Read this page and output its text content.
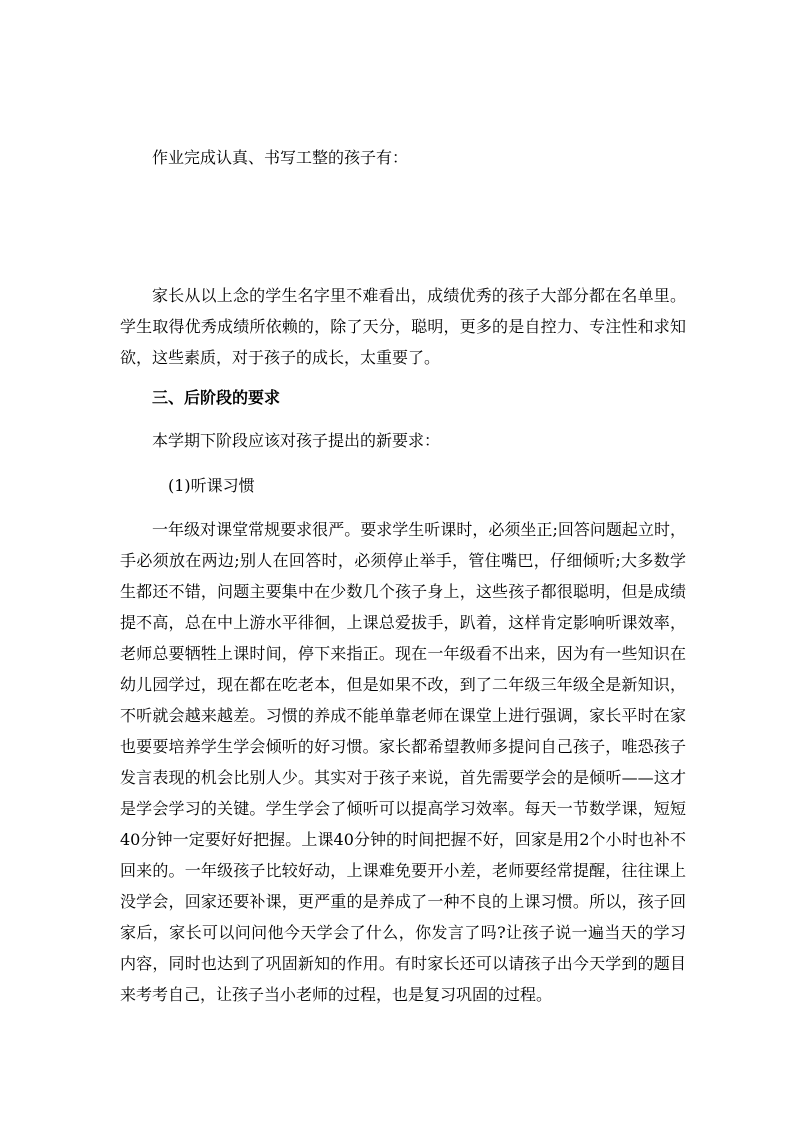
作业完成认真、书写工整的孩子有：

家长从以上念的学生名字里不难看出，成绩优秀的孩子大部分都在名单里。学生取得优秀成绩所依赖的，除了天分，聪明，更多的是自控力、专注性和求知欲，这些素质，对于孩子的成长，太重要了。

三、后阶段的要求

本学期下阶段应该对孩子提出的新要求：

(1)听课习惯

一年级对课堂常规要求很严。要求学生听课时，必须坐正;回答问题起立时，手必须放在两边;别人在回答时，必须停止举手，管住嘴巴，仔细倾听;大多数学生都还不错，问题主要集中在少数几个孩子身上，这些孩子都很聪明，但是成绩提不高，总在中上游水平徘徊，上课总爱拔手，趴着，这样肯定影响听课效率，老师总要牺牲上课时间，停下来指正。现在一年级看不出来，因为有一些知识在幼儿园学过，现在都在吃老本，但是如果不改，到了二年级三年级全是新知识，不听就会越来越差。习惯的养成不能单靠老师在课堂上进行强调，家长平时在家也要要培养学生学会倾听的好习惯。家长都希望教师多提问自己孩子，唯恐孩子发言表现的机会比别人少。其实对于孩子来说，首先需要学会的是倾听——这才是学会学习的关键。学生学会了倾听可以提高学习效率。每天一节数学课，短短40分钟一定要好好把握。上课40分钟的时间把握不好，回家是用2个小时也补不回来的。一年级孩子比较好动，上课难免要开小差，老师要经常提醒，往往课上没学会，回家还要补课，更严重的是养成了一种不良的上课习惯。所以，孩子回家后，家长可以问问他今天学会了什么，你发言了吗?让孩子说一遍当天的学习内容，同时也达到了巩固新知的作用。有时家长还可以请孩子出今天学到的题目来考考自己，让孩子当小老师的过程，也是复习巩固的过程。
